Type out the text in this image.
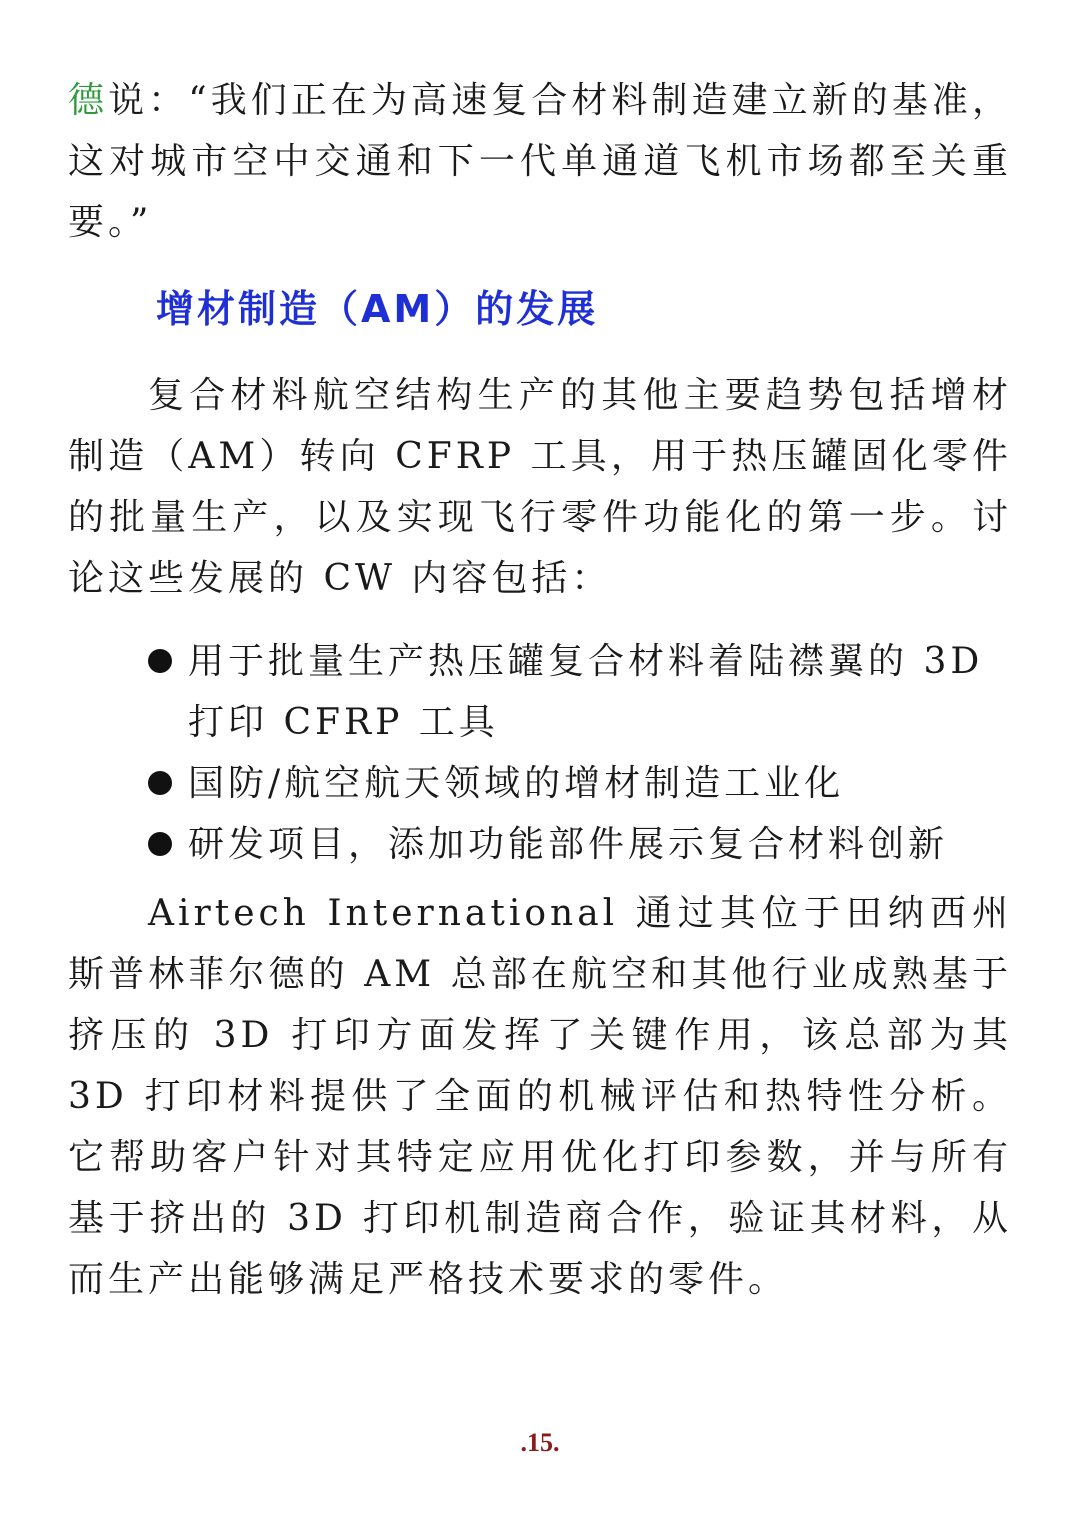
德说：“我们正在为高速复合材料制造建立新的基准，这对城市空中交通和下一代单通道飞机市场都至关重要。”

增材制造（AM）的发展

复合材料航空结构生产的其他主要趋势包括增材制造（AM）转向 CFRP 工具，用于热压罐固化零件的批量生产，以及实现飞行零件功能化的第一步。讨论这些发展的 CW 内容包括：

用于批量生产热压罐复合材料着陆襟翼的 3D 打印 CFRP 工具
国防/航空航天领域的增材制造工业化
研发项目，添加功能部件展示复合材料创新

Airtech International 通过其位于田纳西州斯普林菲尔德的 AM 总部在航空和其他行业成熟基于挤压的 3D 打印方面发挥了关键作用，该总部为其 3D 打印材料提供了全面的机械评估和热特性分析。它帮助客户针对其特定应用优化打印参数，并与所有基于挤出的 3D 打印机制造商合作，验证其材料，从而生产出能够满足严格技术要求的零件。

.15.
